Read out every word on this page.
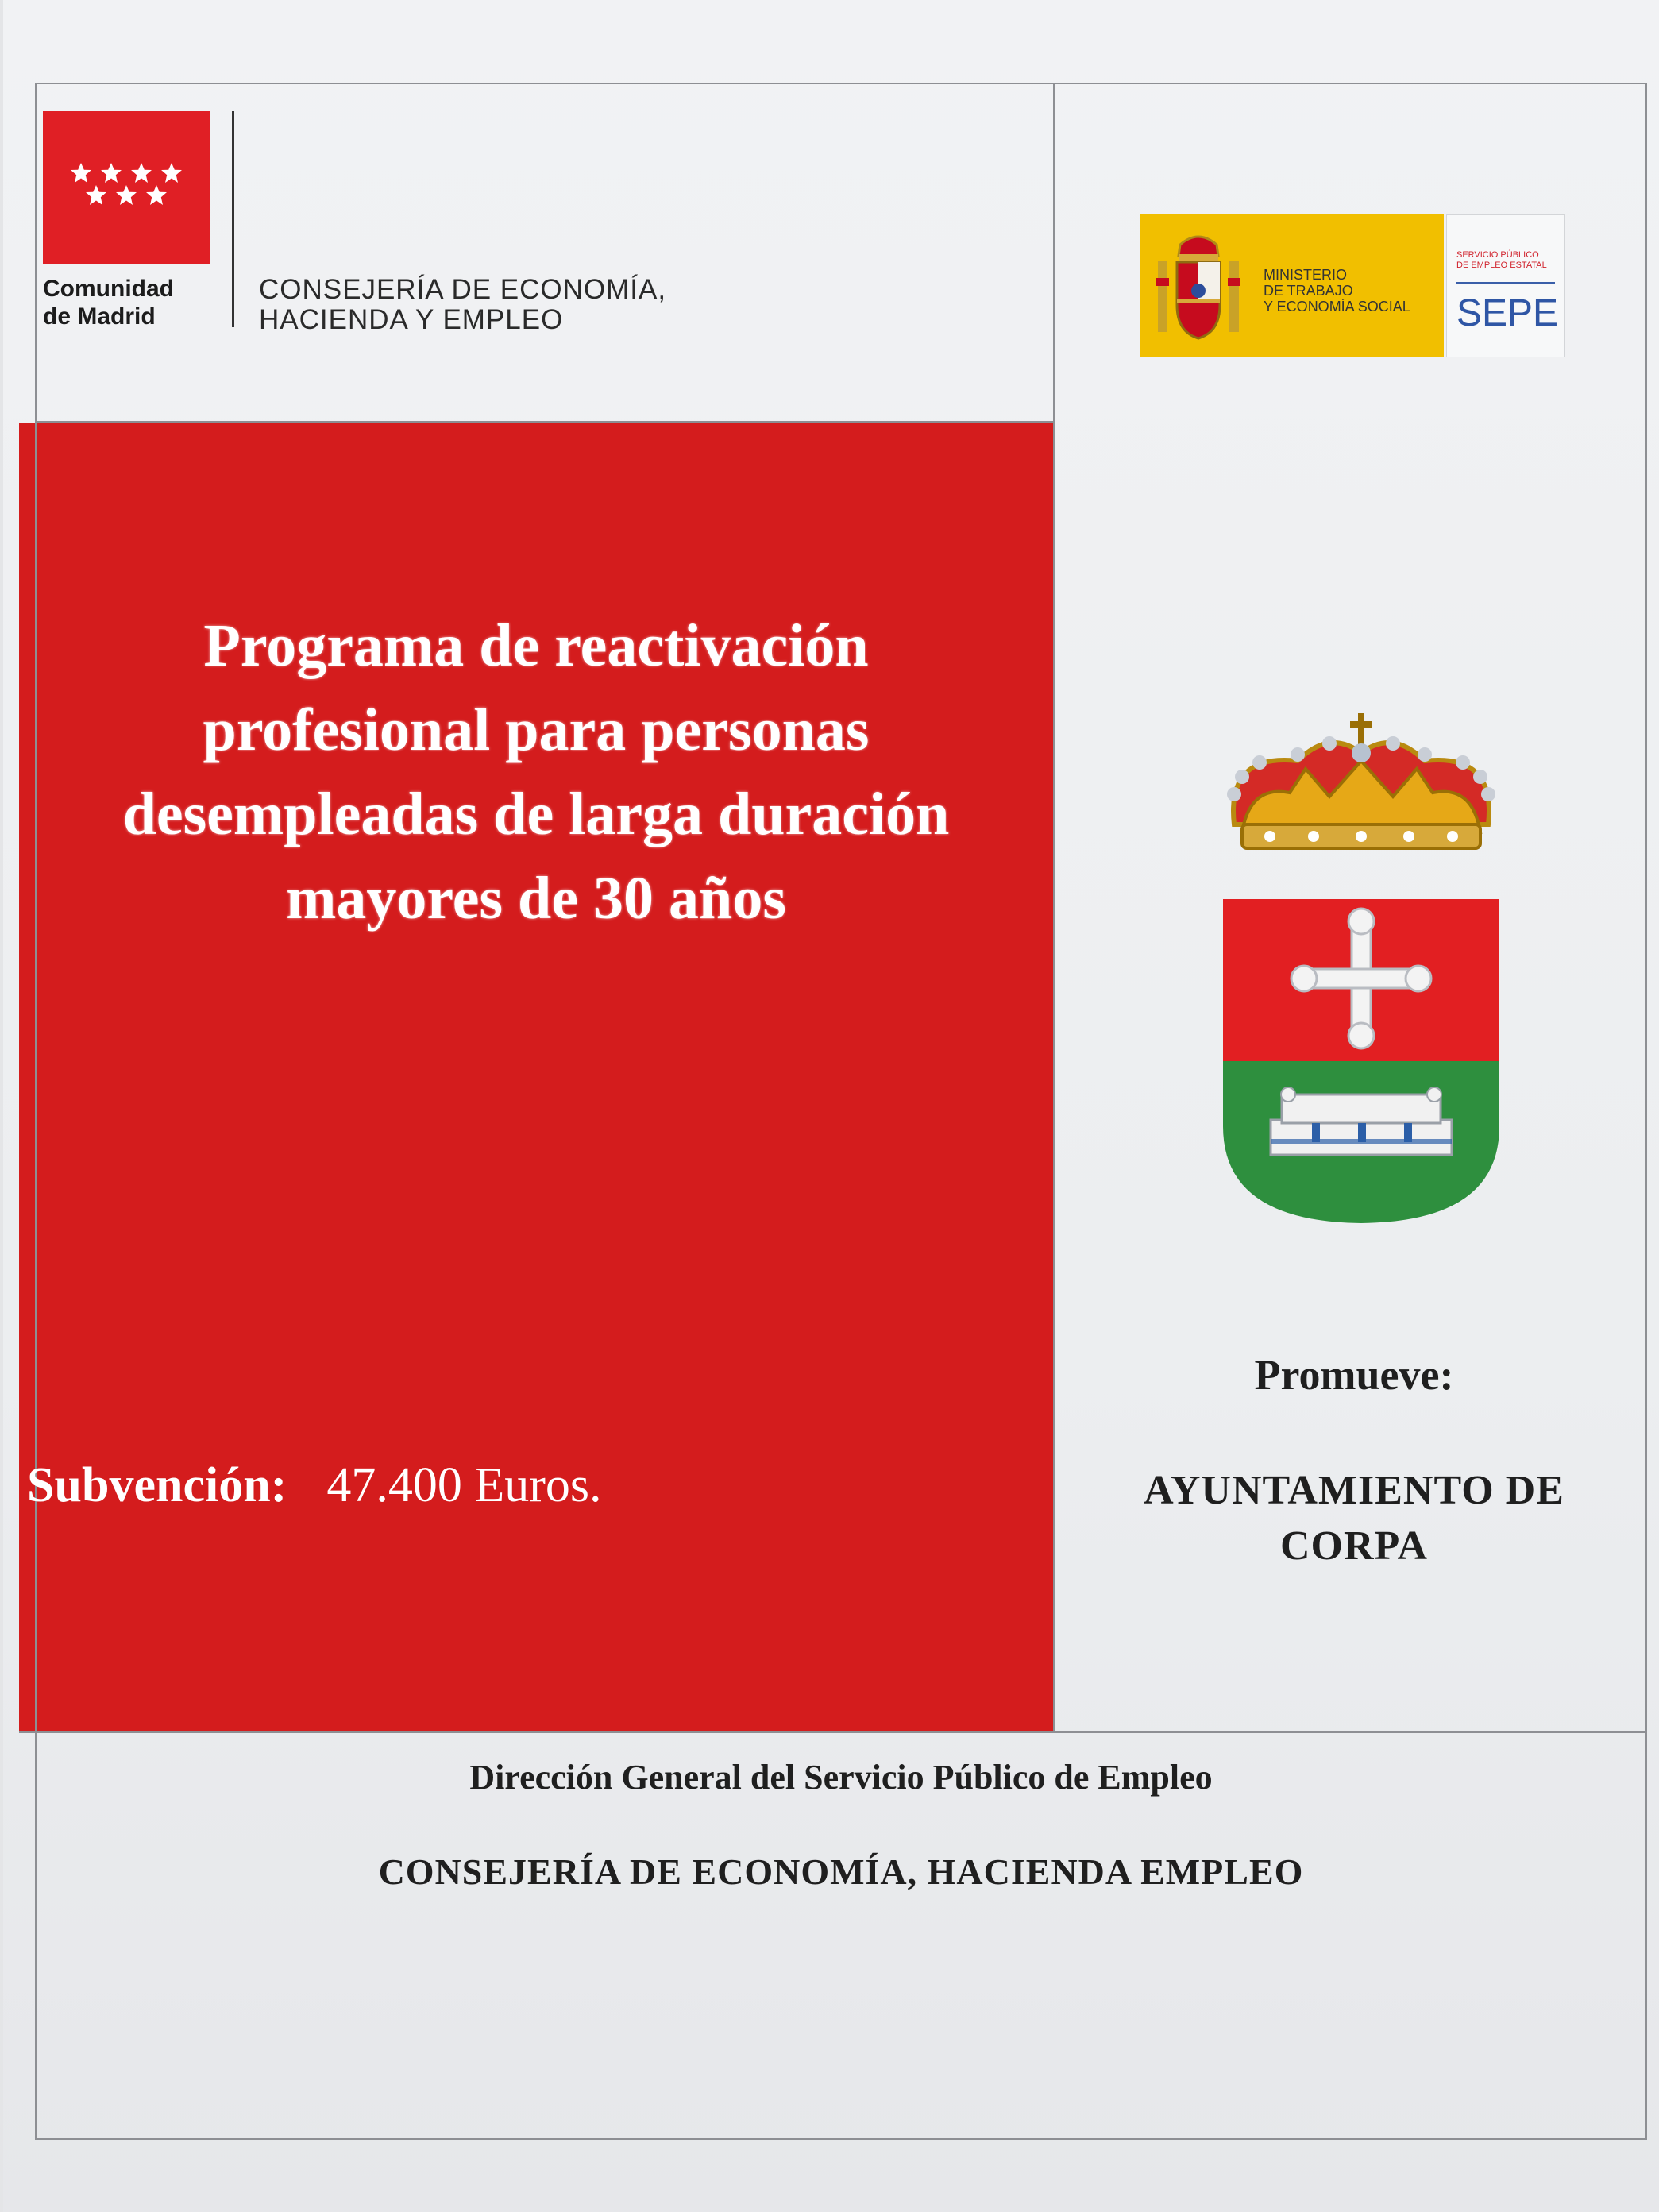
Comunidad
de Madrid
CONSEJERÍA DE ECONOMÍA,
HACIENDA Y EMPLEO
MINISTERIO
DE TRABAJO
Y ECONOMÍA SOCIAL
SERVICIO PÚBLICO
DE EMPLEO ESTATAL
SEPE
Programa de reactivación
profesional para personas
desempleadas de larga duración
mayores de 30 años
Subvención: 47.400 Euros.
Promueve:
AYUNTAMIENTO DE
CORPA
Dirección General del Servicio Público de Empleo
CONSEJERÍA DE ECONOMÍA, HACIENDA EMPLEO
